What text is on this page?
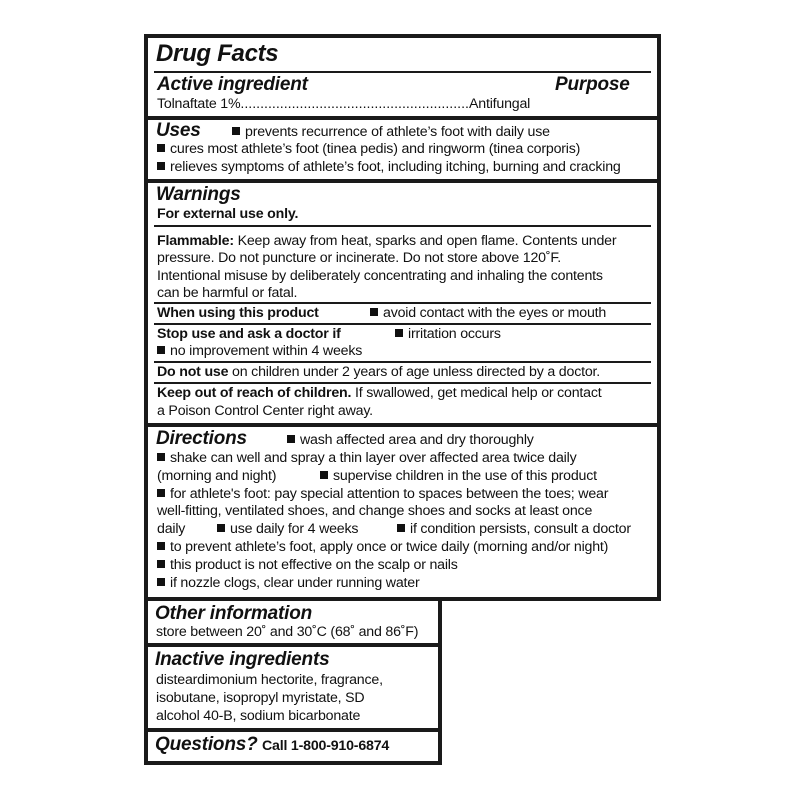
Drug Facts
Active ingredient	Purpose
Tolnaftate 1%..........................................................Antifungal
Uses	prevents recurrence of athlete’s foot with daily use
cures most athlete’s foot (tinea pedis) and ringworm (tinea corporis)
relieves symptoms of athlete’s foot, including itching, burning and cracking
Warnings
For external use only.
Flammable: Keep away from heat, sparks and open flame. Contents under
pressure. Do not puncture or incinerate. Do not store above 120˚F.
Intentional misuse by deliberately concentrating and inhaling the contents
can be harmful or fatal.
When using this product	avoid contact with the eyes or mouth
Stop use and ask a doctor if	irritation occurs
no improvement within 4 weeks
Do not use on children under 2 years of age unless directed by a doctor.
Keep out of reach of children. If swallowed, get medical help or contact
a Poison Control Center right away.
Directions	wash affected area and dry thoroughly
shake can well and spray a thin layer over affected area twice daily
(morning and night)	supervise children in the use of this product
for athlete's foot: pay special attention to spaces between the toes; wear
well-fitting, ventilated shoes, and change shoes and socks at least once
daily	use daily for 4 weeks	if condition persists, consult a doctor
to prevent athlete’s foot, apply once or twice daily (morning and/or night)
this product is not effective on the scalp or nails
if nozzle clogs, clear under running water
Other information
store between 20˚ and 30˚C (68˚ and 86˚F)
Inactive ingredients
disteardimonium hectorite, fragrance,
isobutane, isopropyl myristate, SD
alcohol 40-B, sodium bicarbonate
Questions? Call 1-800-910-6874
